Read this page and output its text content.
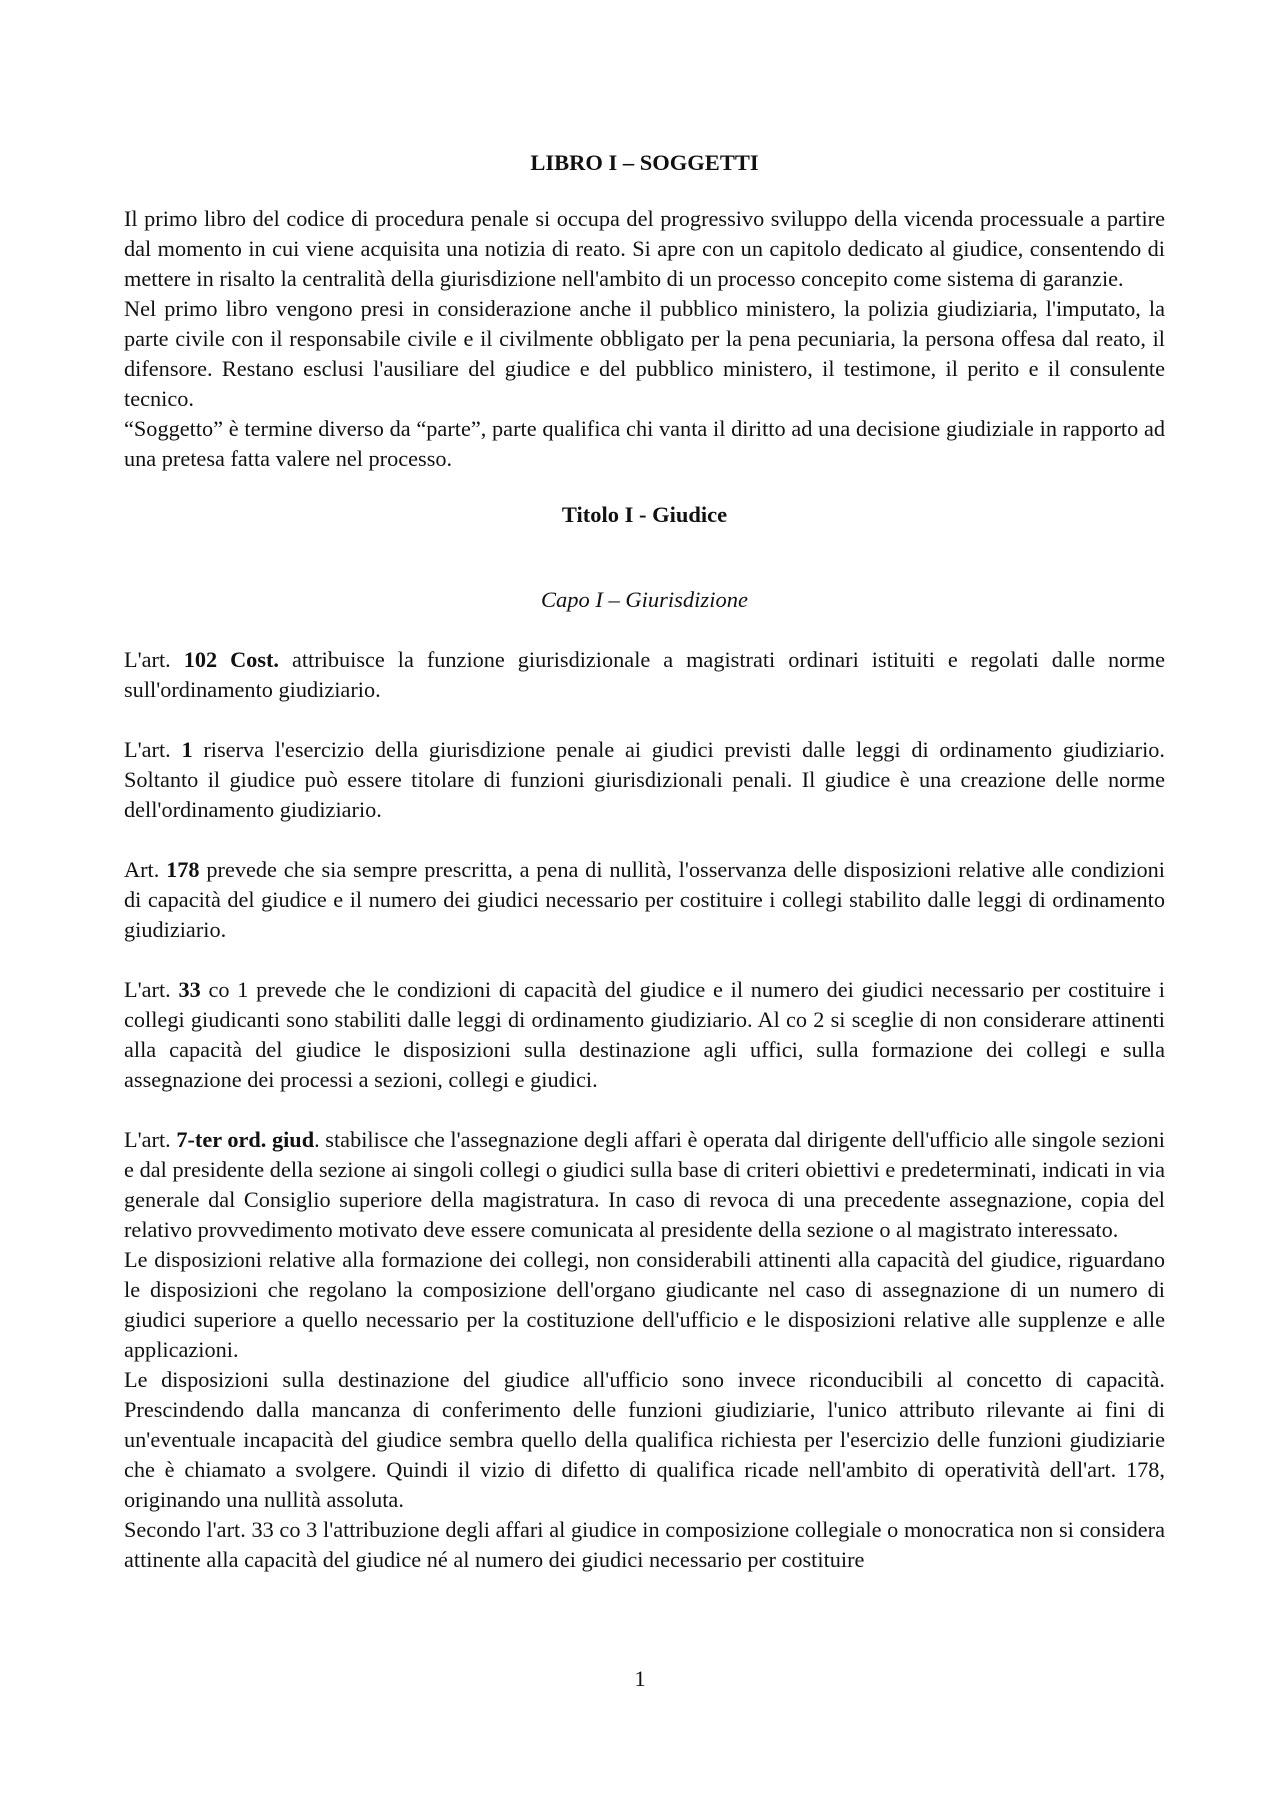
LIBRO I – SOGGETTI

Il primo libro del codice di procedura penale si occupa del progressivo sviluppo della vicenda processuale a partire dal momento in cui viene acquisita una notizia di reato. Si apre con un capitolo dedicato al giudice, consentendo di mettere in risalto la centralità della giurisdizione nell'ambito di un processo concepito come sistema di garanzie.

Nel primo libro vengono presi in considerazione anche il pubblico ministero, la polizia giudiziaria, l'imputato, la parte civile con il responsabile civile e il civilmente obbligato per la pena pecuniaria, la persona offesa dal reato, il difensore. Restano esclusi l'ausiliare del giudice e del pubblico ministero, il testimone, il perito e il consulente tecnico.

“Soggetto” è termine diverso da “parte”, parte qualifica chi vanta il diritto ad una decisione giudiziale in rapporto ad una pretesa fatta valere nel processo.

Titolo I - Giudice
Capo I – Giurisdizione

L'art. 102 Cost. attribuisce la funzione giurisdizionale a magistrati ordinari istituiti e regolati dalle norme sull'ordinamento giudiziario.

L'art. 1 riserva l'esercizio della giurisdizione penale ai giudici previsti dalle leggi di ordinamento giudiziario. Soltanto il giudice può essere titolare di funzioni giurisdizionali penali. Il giudice è una creazione delle norme dell'ordinamento giudiziario.

Art. 178 prevede che sia sempre prescritta, a pena di nullità, l'osservanza delle disposizioni relative alle condizioni di capacità del giudice e il numero dei giudici necessario per costituire i collegi stabilito dalle leggi di ordinamento giudiziario.

L'art. 33 co 1 prevede che le condizioni di capacità del giudice e il numero dei giudici necessario per costituire i collegi giudicanti sono stabiliti dalle leggi di ordinamento giudiziario. Al co 2 si sceglie di non considerare attinenti alla capacità del giudice le disposizioni sulla destinazione agli uffici, sulla formazione dei collegi e sulla assegnazione dei processi a sezioni, collegi e giudici.

L'art. 7-ter ord. giud. stabilisce che l'assegnazione degli affari è operata dal dirigente dell'ufficio alle singole sezioni e dal presidente della sezione ai singoli collegi o giudici sulla base di criteri obiettivi e predeterminati, indicati in via generale dal Consiglio superiore della magistratura. In caso di revoca di una precedente assegnazione, copia del relativo provvedimento motivato deve essere comunicata al presidente della sezione o al magistrato interessato.

Le disposizioni relative alla formazione dei collegi, non considerabili attinenti alla capacità del giudice, riguardano le disposizioni che regolano la composizione dell'organo giudicante nel caso di assegnazione di un numero di giudici superiore a quello necessario per la costituzione dell'ufficio e le disposizioni relative alle supplenze e alle applicazioni.

Le disposizioni sulla destinazione del giudice all'ufficio sono invece riconducibili al concetto di capacità. Prescindendo dalla mancanza di conferimento delle funzioni giudiziarie, l'unico attributo rilevante ai fini di un'eventuale incapacità del giudice sembra quello della qualifica richiesta per l'esercizio delle funzioni giudiziarie che è chiamato a svolgere. Quindi il vizio di difetto di qualifica ricade nell'ambito di operatività dell'art. 178, originando una nullità assoluta.

Secondo l'art. 33 co 3 l'attribuzione degli affari al giudice in composizione collegiale o monocratica non si considera attinente alla capacità del giudice né al numero dei giudici necessario per costituire

1
